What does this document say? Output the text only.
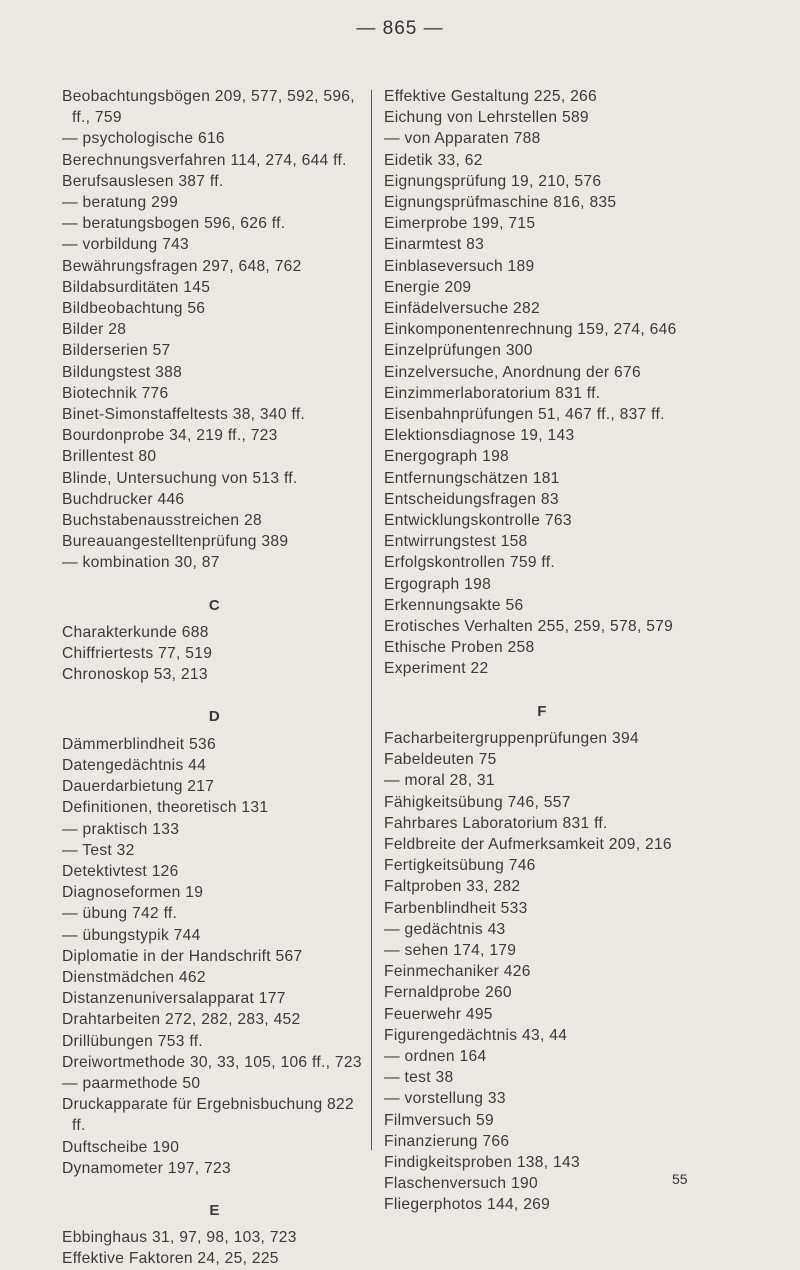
— 865 —
Beobachtungsbögen 209, 577, 592, 596, ff., 759
— psychologische 616
Berechnungsverfahren 114, 274, 644 ff.
Berufsauslesen 387 ff.
— beratung 299
— beratungsbogen 596, 626 ff.
— vorbildung 743
Bewährungsfragen 297, 648, 762
Bildabsurditäten 145
Bildbeobachtung 56
Bilder 28
Bilderserien 57
Bildungstest 388
Biotechnik 776
Binet-Simonstaffeltests 38, 340 ff.
Bourdonprobe 34, 219 ff., 723
Brillentest 80
Blinde, Untersuchung von 513 ff.
Buchdrucker 446
Buchstabenausstreichen 28
Bureauangestelltenprüfung 389
— kombination 30, 87
C
Charakterkunde 688
Chiffriertests 77, 519
Chronoskop 53, 213
D
Dämmerblindheit 536
Datengedächtnis 44
Dauerdarbietung 217
Definitionen, theoretisch 131
— praktisch 133
— Test 32
Detektivtest 126
Diagnoseformen 19
— übung 742 ff.
— übungstypik 744
Diplomatie in der Handschrift 567
Dienstmädchen 462
Distanzenuniversalapparat 177
Drahtarbeiten 272, 282, 283, 452
Drillübungen 753 ff.
Dreiwortmethode 30, 33, 105, 106 ff., 723
— paarmethode 50
Druckapparate für Ergebnisbuchung 822 ff.
Duftscheibe 190
Dynamometer 197, 723
E
Ebbinghaus 31, 97, 98, 103, 723
Effektive Faktoren 24, 25, 225
Effektive Gestaltung 225, 266
Eichung von Lehrstellen 589
— von Apparaten 788
Eidetik 33, 62
Eignungsprüfung 19, 210, 576
Eignungsprüfmaschine 816, 835
Eimerprobe 199, 715
Einarmtest 83
Einblaseversuch 189
Energie 209
Einfädelversuche 282
Einkomponentenrechnung 159, 274, 646
Einzelprüfungen 300
Einzelversuche, Anordnung der 676
Einzimmerlaboratorium 831 ff.
Eisenbahnprüfungen 51, 467 ff., 837 ff.
Elektionsdiagnose 19, 143
Energograph 198
Entfernungschätzen 181
Entscheidungsfragen 83
Entwicklungskontrolle 763
Entwirrungstest 158
Erfolgskontrollen 759 ff.
Ergograph 198
Erkennungsakte 56
Erotisches Verhalten 255, 259, 578, 579
Ethische Proben 258
Experiment 22
F
Facharbeitergruppenprüfungen 394
Fabeldeuten 75
— moral 28, 31
Fähigkeitsübung 746, 557
Fahrbares Laboratorium 831 ff.
Feldbreite der Aufmerksamkeit 209, 216
Fertigkeitsübung 746
Faltproben 33, 282
Farbenblindheit 533
— gedächtnis 43
— sehen 174, 179
Feinmechaniker 426
Fernaldprobe 260
Feuerwehr 495
Figurengedächtnis 43, 44
— ordnen 164
— test 38
— vorstellung 33
Filmversuch 59
Finanzierung 766
Findigkeitsproben 138, 143
Flaschenversuch 190
Fliegerphotos 144, 269
55
